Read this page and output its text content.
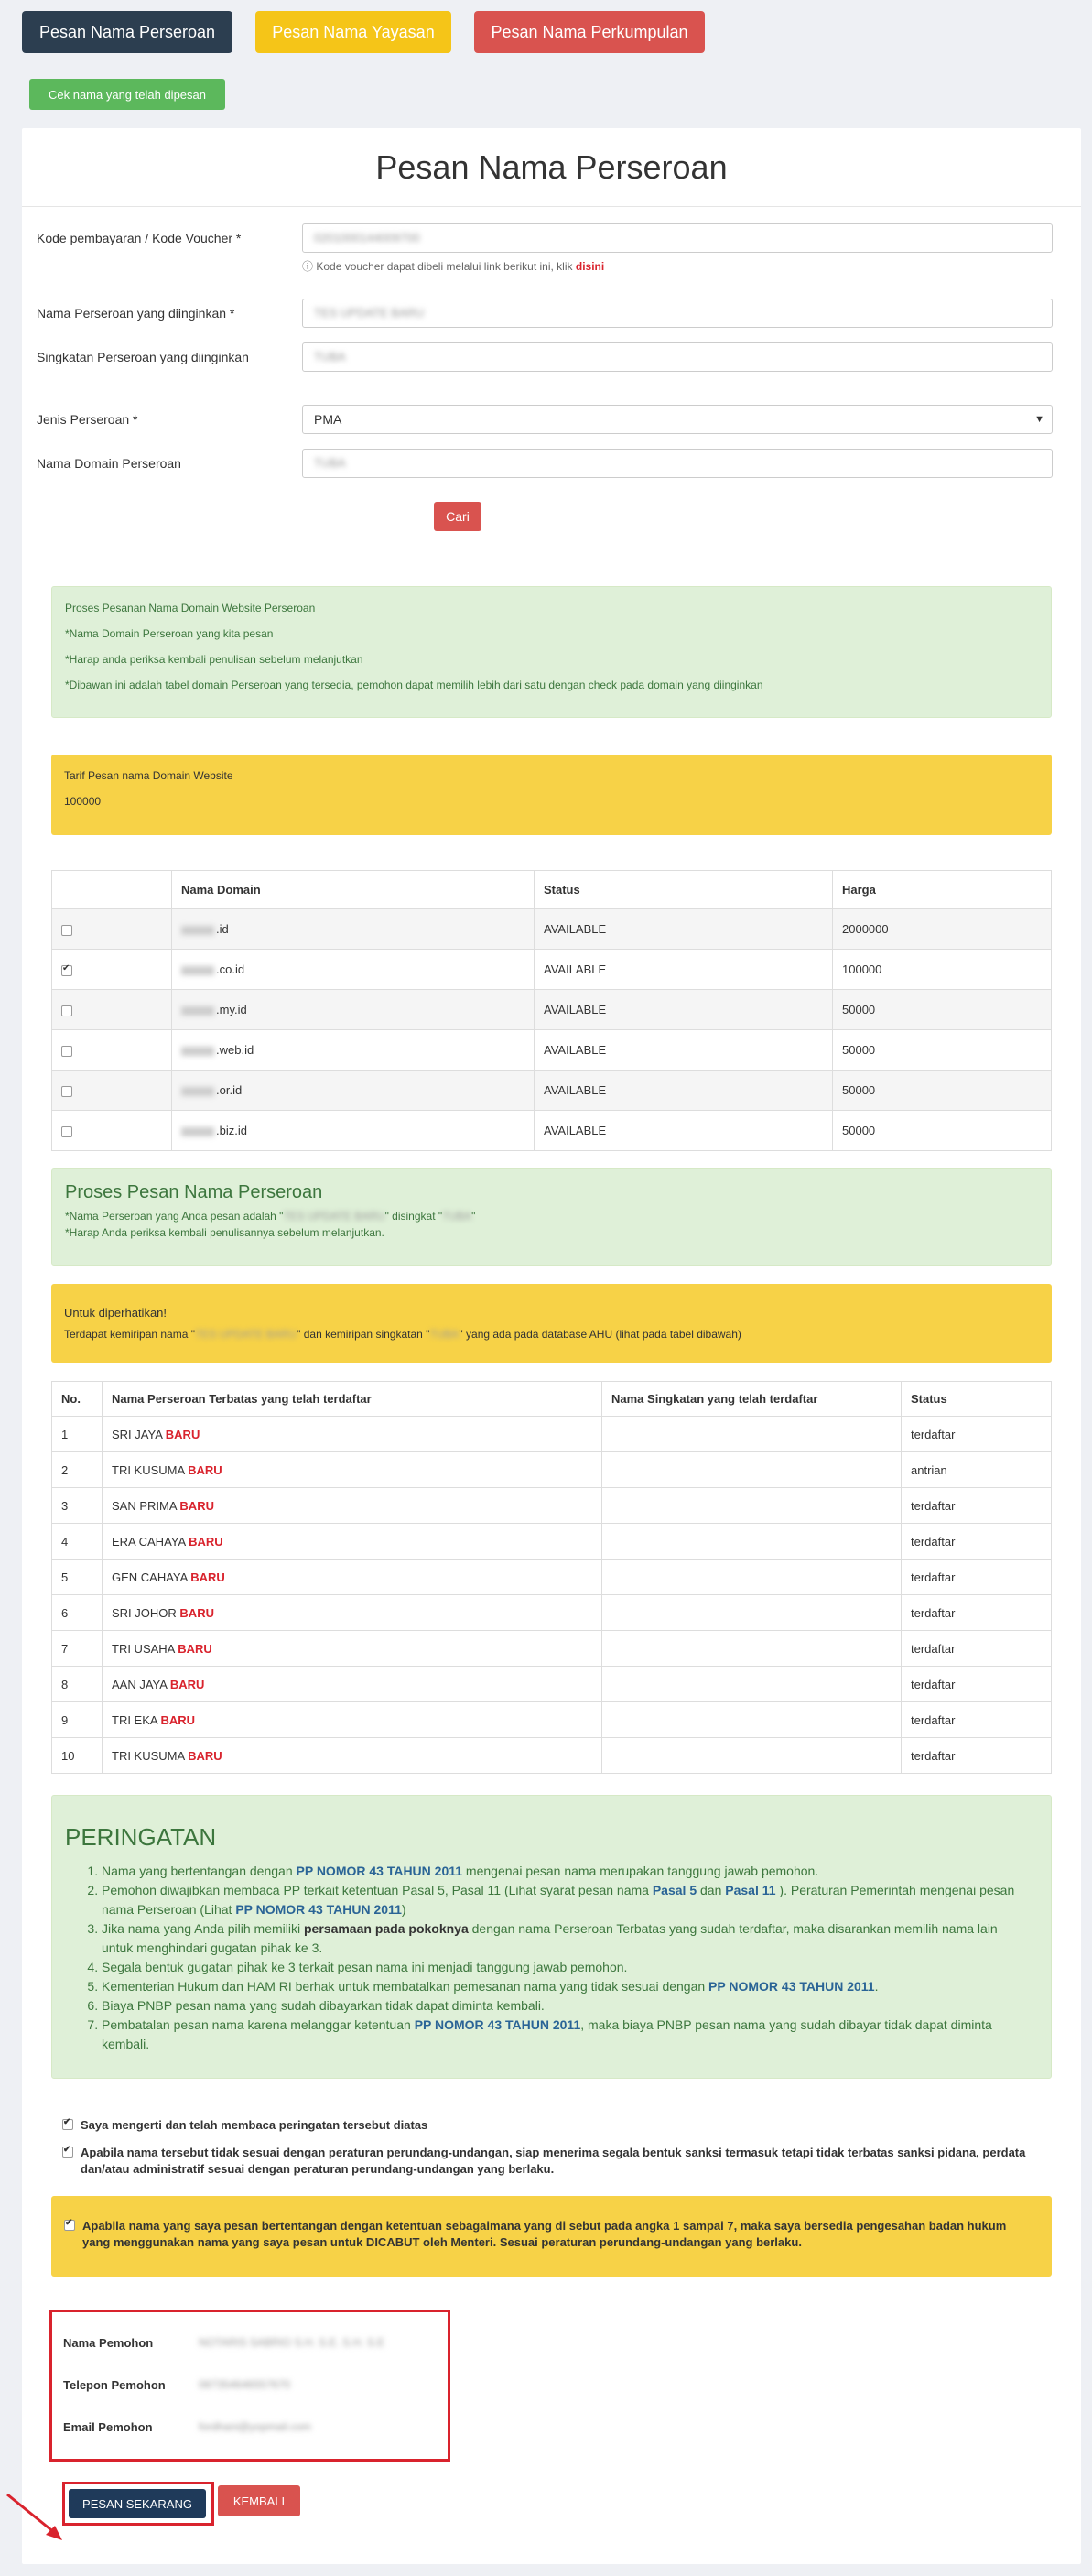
Pesan Nama Perseroan	Pesan Nama Yayasan	Pesan Nama Perkumpulan
Cek nama yang telah dipesan
Pesan Nama Perseroan
Kode pembayaran / Kode Voucher *	0201000144009700
ⓘ Kode voucher dapat dibeli melalui link berikut ini, klik disini
Nama Perseroan yang diinginkan *	TES UPDATE BARU
Singkatan Perseroan yang diinginkan	TUBA
Jenis Perseroan *	PMA	▼
Nama Domain Perseroan	TUBA
Cari
Proses Pesanan Nama Domain Website Perseroan
*Nama Domain Perseroan yang kita pesan
*Harap anda periksa kembali penulisan sebelum melanjutkan
*Dibawan ini adalah tabel domain Perseroan yang tersedia, pemohon dapat memilih lebih dari satu dengan check pada domain yang diinginkan
Tarif Pesan nama Domain Website
100000
	Nama Domain	Status	Harga
	.id	AVAILABLE	2000000
✔	.co.id	AVAILABLE	100000
	.my.id	AVAILABLE	50000
	.web.id	AVAILABLE	50000
	.or.id	AVAILABLE	50000
	.biz.id	AVAILABLE	50000
Proses Pesan Nama Perseroan
*Nama Perseroan yang Anda pesan adalah "TES UPDATE BARU" disingkat "TUBA"
*Harap Anda periksa kembali penulisannya sebelum melanjutkan.
Untuk diperhatikan!
Terdapat kemiripan nama "TES UPDATE BARU" dan kemiripan singkatan "TUBA" yang ada pada database AHU (lihat pada tabel dibawah)
No.	Nama Perseroan Terbatas yang telah terdaftar	Nama Singkatan yang telah terdaftar	Status
1	SRI JAYA BARU		terdaftar
2	TRI KUSUMA BARU		antrian
3	SAN PRIMA BARU		terdaftar
4	ERA CAHAYA BARU		terdaftar
5	GEN CAHAYA BARU		terdaftar
6	SRI JOHOR BARU		terdaftar
7	TRI USAHA BARU		terdaftar
8	AAN JAYA BARU		terdaftar
9	TRI EKA BARU		terdaftar
10	TRI KUSUMA BARU		terdaftar
PERINGATAN
1. Nama yang bertentangan dengan PP NOMOR 43 TAHUN 2011 mengenai pesan nama merupakan tanggung jawab pemohon.
2. Pemohon diwajibkan membaca PP terkait ketentuan Pasal 5, Pasal 11 (Lihat syarat pesan nama Pasal 5 dan Pasal 11 ). Peraturan Pemerintah mengenai pesan nama Perseroan (Lihat PP NOMOR 43 TAHUN 2011)
3. Jika nama yang Anda pilih memiliki persamaan pada pokoknya dengan nama Perseroan Terbatas yang sudah terdaftar, maka disarankan memilih nama lain untuk menghindari gugatan pihak ke 3.
4. Segala bentuk gugatan pihak ke 3 terkait pesan nama ini menjadi tanggung jawab pemohon.
5. Kementerian Hukum dan HAM RI berhak untuk membatalkan pemesanan nama yang tidak sesuai dengan PP NOMOR 43 TAHUN 2011.
6. Biaya PNBP pesan nama yang sudah dibayarkan tidak dapat diminta kembali.
7. Pembatalan pesan nama karena melanggar ketentuan PP NOMOR 43 TAHUN 2011, maka biaya PNBP pesan nama yang sudah dibayar tidak dapat diminta kembali.
✔
Saya mengerti dan telah membaca peringatan tersebut diatas
✔
Apabila nama tersebut tidak sesuai dengan peraturan perundang-undangan, siap menerima segala bentuk sanksi termasuk tetapi tidak terbatas sanksi pidana, perdata dan/atau administratif sesuai dengan peraturan perundang-undangan yang berlaku.
✔
Apabila nama yang saya pesan bertentangan dengan ketentuan sebagaimana yang di sebut pada angka 1 sampai 7, maka saya bersedia pengesahan badan hukum yang menggunakan nama yang saya pesan untuk DICABUT oleh Menteri. Sesuai peraturan perundang-undangan yang berlaku.
Nama Pemohon	NOTARIS SABRIO S.H. S.E. S.H. S.E
Telepon Pemohon	087354646557670
Email Pemohon	fordhani@yopmail.com
PESAN SEKARANG	KEMBALI
